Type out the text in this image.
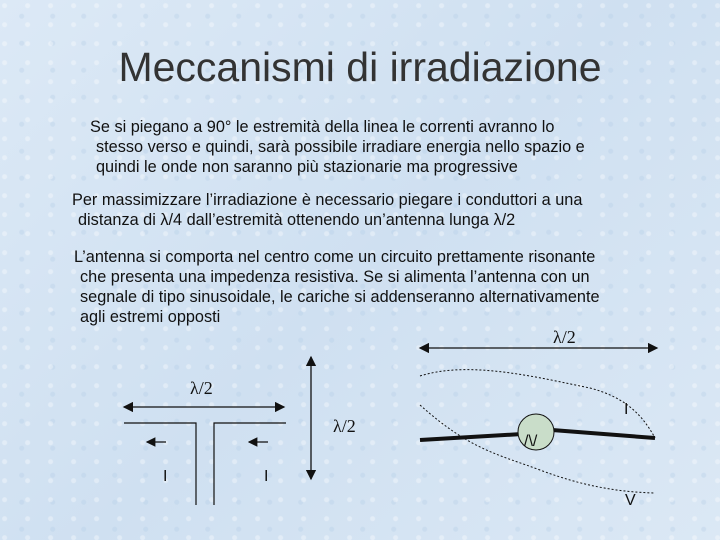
Meccanismi di irradiazione

Se si piegano a 90° le estremità della linea le correnti avranno lo

stesso verso e quindi, sarà possibile irradiare energia nello spazio e
quindi le onde non saranno più stazionarie ma progressive

Per massimizzare l’irradiazione è necessario piegare i conduttori a una

distanza di λ/4 dall’estremità ottenendo un’antenna lunga λ/2

L’antenna si comporta nel centro come un circuito prettamente risonante

che presenta una impedenza resistiva. Se si alimenta l’antenna con un
segnale di tipo sinusoidale, le cariche si addenseranno alternativamente
agli estremi opposti

λ/2
I	I
λ/2
λ/2
/\/
I
V
